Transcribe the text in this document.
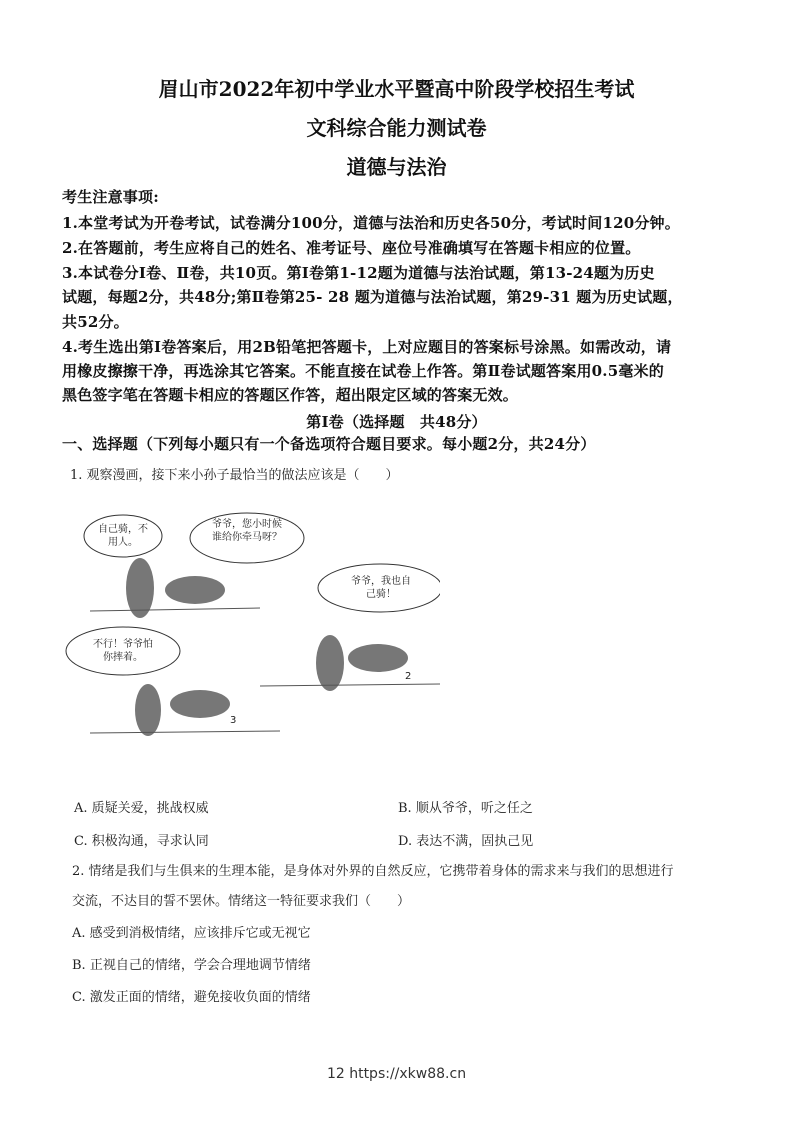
眉山市2022年初中学业水平暨高中阶段学校招生考试
文科综合能力测试卷
道德与法治
考生注意事项:
1.本堂考试为开卷考试，试卷满分100分，道德与法治和历史各50分，考试时间120分钟。
2.在答题前，考生应将自己的姓名、准考证号、座位号准确填写在答题卡相应的位置。
3.本试卷分Ⅰ卷、Ⅱ卷，共10页。第Ⅰ卷第1-12题为道德与法治试题，第13-24题为历史
试题，每题2分，共48分;第Ⅱ卷第25- 28 题为道德与法治试题，第29-31 题为历史试题，
共52分。
4.考生选出第Ⅰ卷答案后，用2B铅笔把答题卡，上对应题目的答案标号涂黑。如需改动，请
用橡皮擦擦干净，再选涂其它答案。不能直接在试卷上作答。第Ⅱ卷试题答案用0.5毫米的
黑色签字笔在答题卡相应的答题区作答，超出限定区域的答案无效。
第Ⅰ卷（选择题　共48分）
一、选择题（下列每小题只有一个备选项符合题目要求。每小题2分，共24分）
1. 观察漫画，接下来小孙子最恰当的做法应该是（　　）
自己骑，不用人。
爷爷，您小时候谁给你牵马呀？
爷爷，我也自己骑！
不行！爷爷怕你摔着。
2
3
A. 质疑关爱，挑战权威	B. 顺从爷爷，听之任之
C. 积极沟通，寻求认同	D. 表达不满，固执己见
2. 情绪是我们与生俱来的生理本能，是身体对外界的自然反应，它携带着身体的需求来与我们的思想进行
交流，不达目的誓不罢休。情绪这一特征要求我们（　　）
A. 感受到消极情绪，应该排斥它或无视它
B. 正视自己的情绪，学会合理地调节情绪
C. 激发正面的情绪，避免接收负面的情绪
12 https://xkw88.cn
